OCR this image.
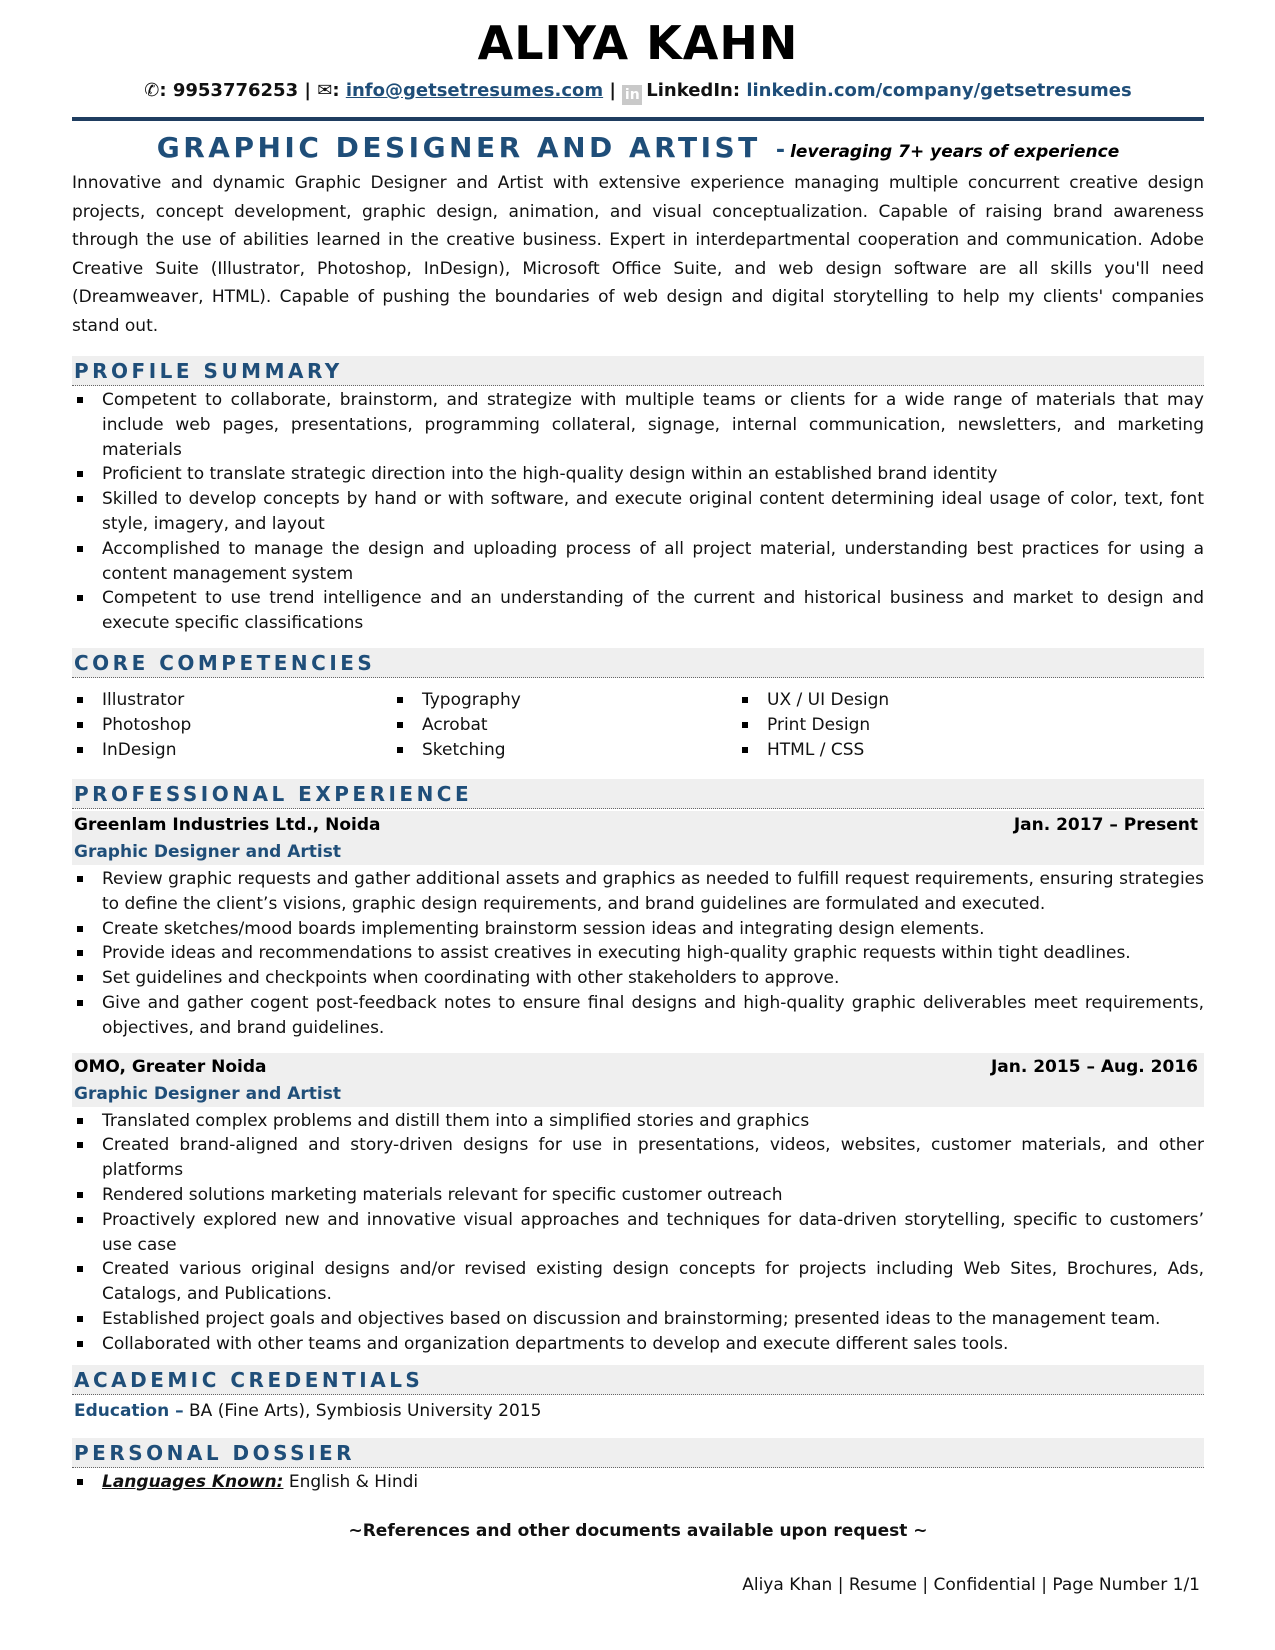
ALIYA KAHN
✆: 9953776253 | ✉: info@getsetresumes.com | in LinkedIn: linkedin.com/company/getsetresumes
GRAPHIC DESIGNER AND ARTIST - leveraging 7+ years of experience

Innovative and dynamic Graphic Designer and Artist with extensive experience managing multiple concurrent creative design projects, concept development, graphic design, animation, and visual conceptualization. Capable of raising brand awareness through the use of abilities learned in the creative business. Expert in interdepartmental cooperation and communication. Adobe Creative Suite (Illustrator, Photoshop, InDesign), Microsoft Office Suite, and web design software are all skills you'll need (Dreamweaver, HTML). Capable of pushing the boundaries of web design and digital storytelling to help my clients' companies stand out.

PROFILE SUMMARY
Competent to collaborate, brainstorm, and strategize with multiple teams or clients for a wide range of materials that may include web pages, presentations, programming collateral, signage, internal communication, newsletters, and marketing materials
Proficient to translate strategic direction into the high-quality design within an established brand identity
Skilled to develop concepts by hand or with software, and execute original content determining ideal usage of color, text, font style, imagery, and layout
Accomplished to manage the design and uploading process of all project material, understanding best practices for using a content management system
Competent to use trend intelligence and an understanding of the current and historical business and market to design and execute specific classifications
CORE COMPETENCIES
Illustrator
Photoshop
InDesign
Typography
Acrobat
Sketching
UX / UI Design
Print Design
HTML / CSS
PROFESSIONAL EXPERIENCE
Greenlam Industries Ltd., Noida	Jan. 2017 – Present
Graphic Designer and Artist
Review graphic requests and gather additional assets and graphics as needed to fulfill request requirements, ensuring strategies to define the client’s visions, graphic design requirements, and brand guidelines are formulated and executed.
Create sketches/mood boards implementing brainstorm session ideas and integrating design elements.
Provide ideas and recommendations to assist creatives in executing high-quality graphic requests within tight deadlines.
Set guidelines and checkpoints when coordinating with other stakeholders to approve.
Give and gather cogent post-feedback notes to ensure final designs and high-quality graphic deliverables meet requirements, objectives, and brand guidelines.
OMO, Greater Noida	Jan. 2015 – Aug. 2016
Graphic Designer and Artist
Translated complex problems and distill them into a simplified stories and graphics
Created brand-aligned and story-driven designs for use in presentations, videos, websites, customer materials, and other platforms
Rendered solutions marketing materials relevant for specific customer outreach
Proactively explored new and innovative visual approaches and techniques for data-driven storytelling, specific to customers’ use case
Created various original designs and/or revised existing design concepts for projects including Web Sites, Brochures, Ads, Catalogs, and Publications.
Established project goals and objectives based on discussion and brainstorming; presented ideas to the management team.
Collaborated with other teams and organization departments to develop and execute different sales tools.
ACADEMIC CREDENTIALS
Education – BA (Fine Arts), Symbiosis University 2015
PERSONAL DOSSIER
Languages Known: English & Hindi
~References and other documents available upon request ~
Aliya Khan | Resume | Confidential | Page Number 1/1
